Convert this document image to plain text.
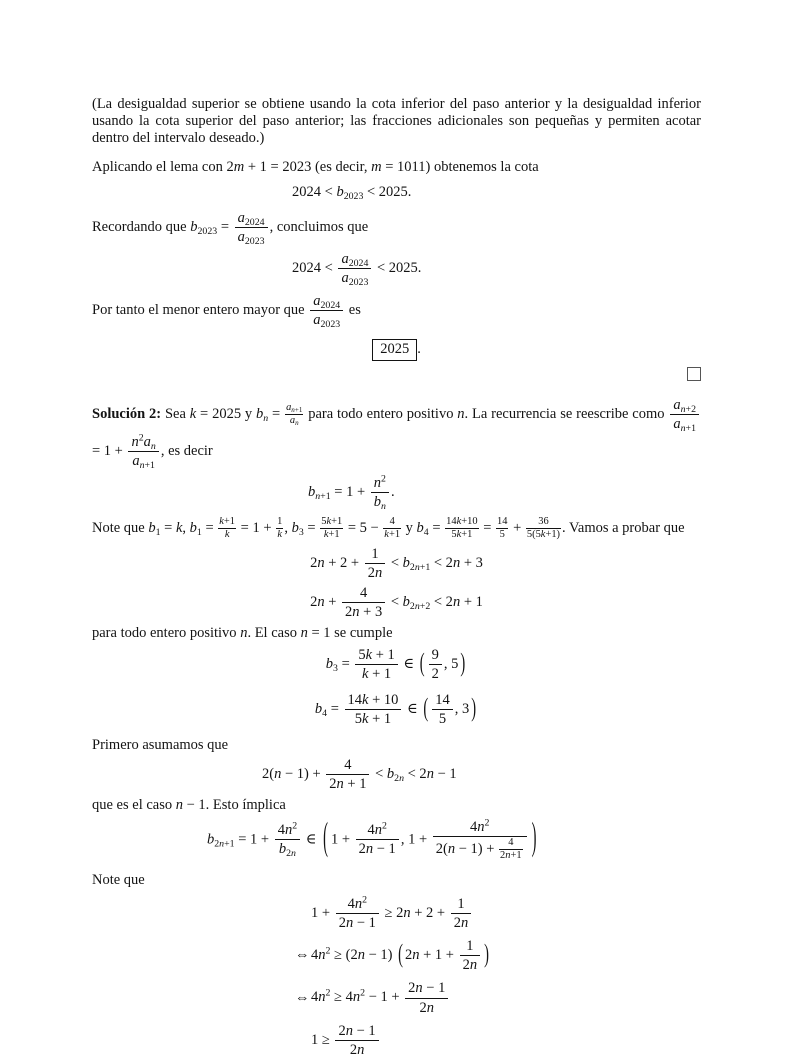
(La desigualdad superior se obtiene usando la cota inferior del paso anterior y la desigualdad inferior usando la cota superior del paso anterior; las fracciones adicionales son pequeñas y permiten acotar dentro del intervalo deseado.)
Aplicando el lema con 2m + 1 = 2023 (es decir, m = 1011) obtenemos la cota
$2024 < b_{2023} < 2025$.
Recordando que $b_{2023} = \frac{a_{2024}}{a_{2023}}$ , concluimos que
$2024 < \frac{a_{2024}}{a_{2023}} < 2025$.
Por tanto el menor entero mayor que $\frac{a_{2024}}{a_{2023}}$ es
2025 .
Solución 2: Sea k = 2025 y $b_n = \frac{a_{n+1}}{a_n}$ para todo entero positivo n. La recurrencia se reescribe como $\frac{a_{n+2}}{a_{n+1}}$
= $1 + \frac{n^2a_n}{a_{n+1}}$ , es decir
$b_{n+1} = 1 + \frac{n^2}{b_n}$ .
Note que $b_1 = k$, $b_1 = \frac{k+1}{k} = 1 + \frac{1}{k}$ , $b_3 = \frac{5k+1}{k+1} = 5 - \frac{4}{k+1}$ y $b_4 = \frac{14k+10}{5k+1} = \frac{14}{5} + \frac{36}{5(5k+1)}$ . Vamos a probar que
$2n + 2 + \frac{1}{2n} < b_{2n+1} < 2n + 3$
$2n + \frac{4}{2n + 3} < b_{2n+2} < 2n + 1$
para todo entero positivo n. El caso n = 1 se cumple
$b_3 = \frac{5k + 1}{k + 1}$ ∈ ( $\frac{9}{2}$ , 5 )
$b_4 = \frac{14k + 10}{5k + 1}$ ∈ ( $\frac{14}{5}$ , 3 )
Primero asumamos que
$2(n - 1) + \frac{4}{2n + 1} < b_{2n} < 2n - 1$
que es el caso n − 1. Esto ímplica
$b_{2n+1} = 1 + \frac{4n^2}{b_{2n}}$ ∈ ( $1 + \frac{4n^2}{2n - 1}$ , $1 + \frac{4n^2}{2(n - 1) + \frac{4}{2n+1}}$ )
Note que
$1 + \frac{4n^2}{2n - 1} \ge 2n + 2 + \frac{1}{2n}$
⇔ $4n^2 \ge (2n - 1)$ ( $2n + 1 + \frac{1}{2n}$ )
⇔ $4n^2 \ge 4n^2 - 1 + \frac{2n - 1}{2n}$
$1 \ge \frac{2n - 1}{2n}$
